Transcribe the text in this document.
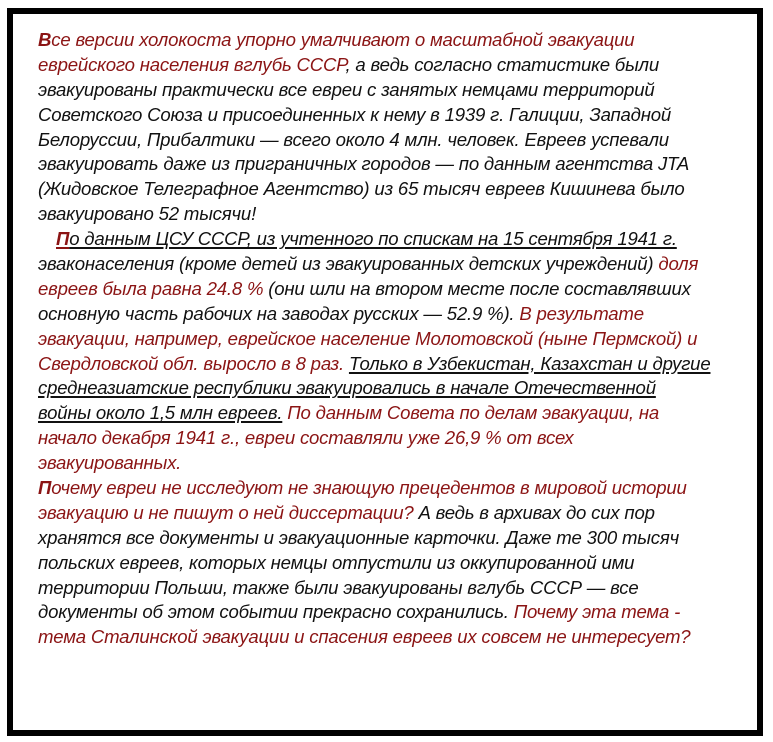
Все версии холокоста упорно умалчивают о масштабной эвакуации
еврейского населения вглубь СССР, а ведь согласно статистике были
эвакуированы практически все евреи с занятых немцами территорий
Советского Союза и присоединенных к нему в 1939 г. Галиции, Западной
Белоруссии, Прибалтики — всего около 4 млн. человек. Евреев успевали
эвакуировать даже из приграничных городов — по данным агентства JTA
(Жидовское Телеграфное Агентство) из 65 тысяч евреев Кишинева было
эвакуировано 52 тысячи!
По данным ЦСУ СССР, из учтенного по спискам на 15 сентября 1941 г.
эваконаселения (кроме детей из эвакуированных детских учреждений) доля
евреев была равна 24.8 % (они шли на втором месте после составлявших
основную часть рабочих на заводах русских — 52.9 %). В результате
эвакуации, например, еврейское население Молотовской (ныне Пермской) и
Свердловской обл. выросло в 8 раз. Только в Узбекистан, Казахстан и другие
среднеазиатские республики эвакуировались в начале Отечественной
войны около 1,5 млн евреев. По данным Совета по делам эвакуации, на
начало декабря 1941 г., евреи составляли уже 26,9 % от всех
эвакуированных.
Почему евреи не исследуют не знающую прецедентов в мировой истории
эвакуацию и не пишут о ней диссертации? А ведь в архивах до сих пор
хранятся все документы и эвакуационные карточки. Даже те 300 тысяч
польских евреев, которых немцы отпустили из оккупированной ими
территории Польши, также были эвакуированы вглубь СССР — все
документы об этом событии прекрасно сохранились. Почему эта тема -
тема Сталинской эвакуации и спасения евреев их совсем не интересует?
